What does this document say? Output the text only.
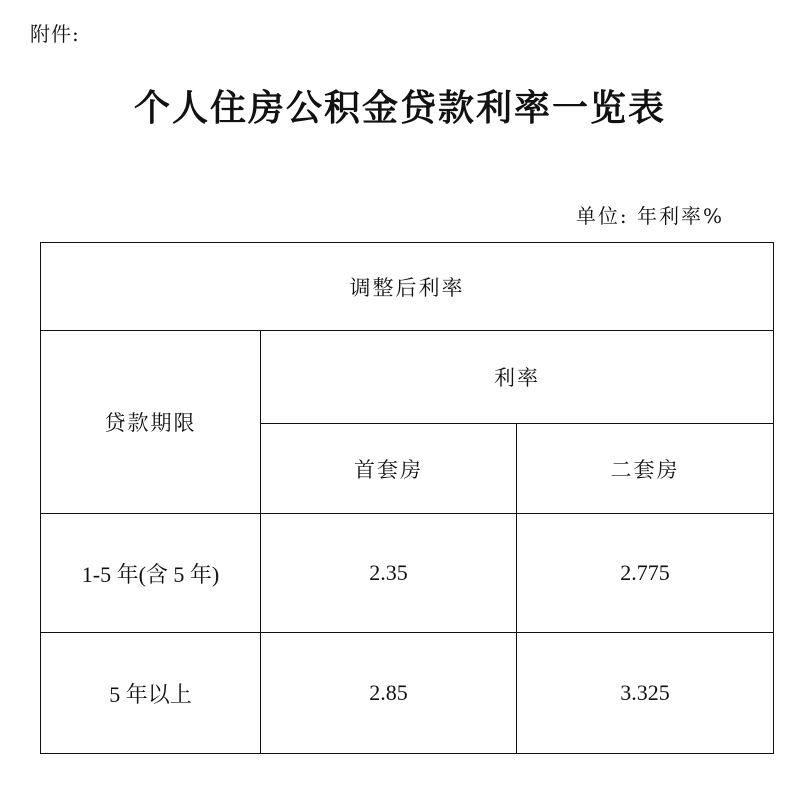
附件:
个人住房公积金贷款利率一览表
单位: 年利率%
调整后利率		
贷款期限	利率	
	首套房	二套房
1-5 年(含 5 年)	2.35	2.775
5 年以上	2.85	3.325
